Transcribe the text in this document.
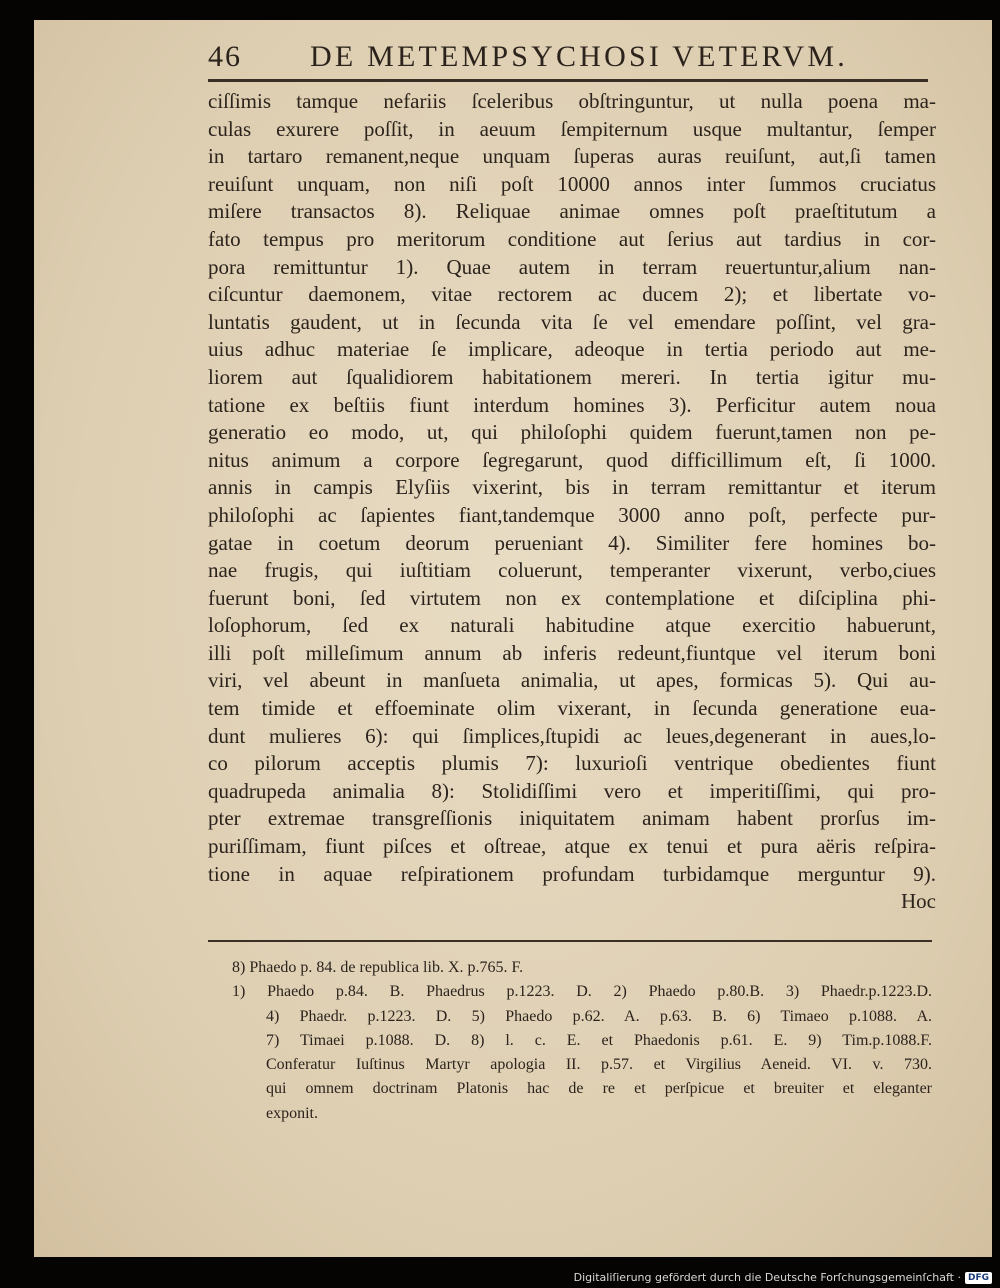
46 DE METEMPSYCHOSI VETERVM.
ciſſimis tamque nefariis ſceleribus obſtringuntur, ut nulla poena ma-
culas exurere poſſit, in aeuum ſempiternum usque multantur, ſemper
in tartaro remanent,neque unquam ſuperas auras reuiſunt, aut,ſi tamen
reuiſunt unquam, non niſi poſt 10000 annos inter ſummos cruciatus
miſere transactos 8). Reliquae animae omnes poſt praeſtitutum a
fato tempus pro meritorum conditione aut ſerius aut tardius in cor-
pora remittuntur 1). Quae autem in terram reuertuntur,alium nan-
ciſcuntur daemonem, vitae rectorem ac ducem 2); et libertate vo-
luntatis gaudent, ut in ſecunda vita ſe vel emendare poſſint, vel gra-
uius adhuc materiae ſe implicare, adeoque in tertia periodo aut me-
liorem aut ſqualidiorem habitationem mereri. In tertia igitur mu-
tatione ex beſtiis fiunt interdum homines 3). Perficitur autem noua
generatio eo modo, ut, qui philoſophi quidem fuerunt,tamen non pe-
nitus animum a corpore ſegregarunt, quod difficillimum eſt, ſi 1000.
annis in campis Elyſiis vixerint, bis in terram remittantur et iterum
philoſophi ac ſapientes fiant,tandemque 3000 anno poſt, perfecte pur-
gatae in coetum deorum perueniant 4). Similiter fere homines bo-
nae frugis, qui iuſtitiam coluerunt, temperanter vixerunt, verbo,ciues
fuerunt boni, ſed virtutem non ex contemplatione et diſciplina phi-
loſophorum, ſed ex naturali habitudine atque exercitio habuerunt,
illi poſt milleſimum annum ab inferis redeunt,fiuntque vel iterum boni
viri, vel abeunt in manſueta animalia, ut apes, formicas 5). Qui au-
tem timide et effoeminate olim vixerant, in ſecunda generatione eua-
dunt mulieres 6): qui ſimplices,ſtupidi ac leues,degenerant in aues,lo-
co pilorum acceptis plumis 7): luxurioſi ventrique obedientes fiunt
quadrupeda animalia 8): Stolidiſſimi vero et imperitiſſimi, qui pro-
pter extremae transgreſſionis iniquitatem animam habent prorſus im-
puriſſimam, fiunt piſces et oſtreae, atque ex tenui et pura aëris reſpira-
tione in aquae reſpirationem profundam turbidamque merguntur 9).
Hoc
8) Phaedo p. 84. de republica lib. X. p.765. F.
1) Phaedo p.84. B. Phaedrus p.1223. D. 2) Phaedo p.80.B. 3) Phaedr.p.1223.D.
4) Phaedr. p.1223. D. 5) Phaedo p.62. A. p.63. B. 6) Timaeo p.1088. A.
7) Timaei p.1088. D. 8) l. c. E. et Phaedonis p.61. E. 9) Tim.p.1088.F.
Conferatur Iuſtinus Martyr apologia II. p.57. et Virgilius Aeneid. VI. v. 730.
qui omnem doctrinam Platonis hac de re et perſpicue et breuiter et eleganter
exponit.
Digitaliſierung gefördert durch die Deutsche Forſchungsgemeinſchaft · DFG
